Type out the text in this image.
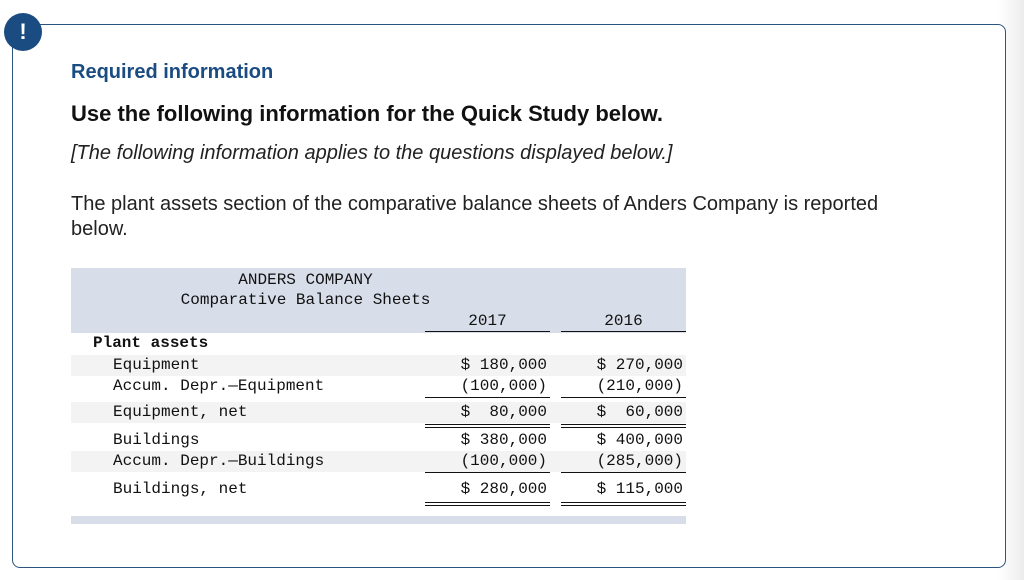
!
Required information
Use the following information for the Quick Study below.

[The following information applies to the questions displayed below.]

The plant assets section of the comparative balance sheets of Anders Company is reported below.

ANDERS COMPANY
Comparative Balance Sheets
2017	2016
Plant assets
Equipment	$ 180,000	$ 270,000
Accum. Depr.—Equipment	(100,000)	(210,000)
Equipment, net	$  80,000	$  60,000
Buildings	$ 380,000	$ 400,000
Accum. Depr.—Buildings	(100,000)	(285,000)
Buildings, net	$ 280,000	$ 115,000
